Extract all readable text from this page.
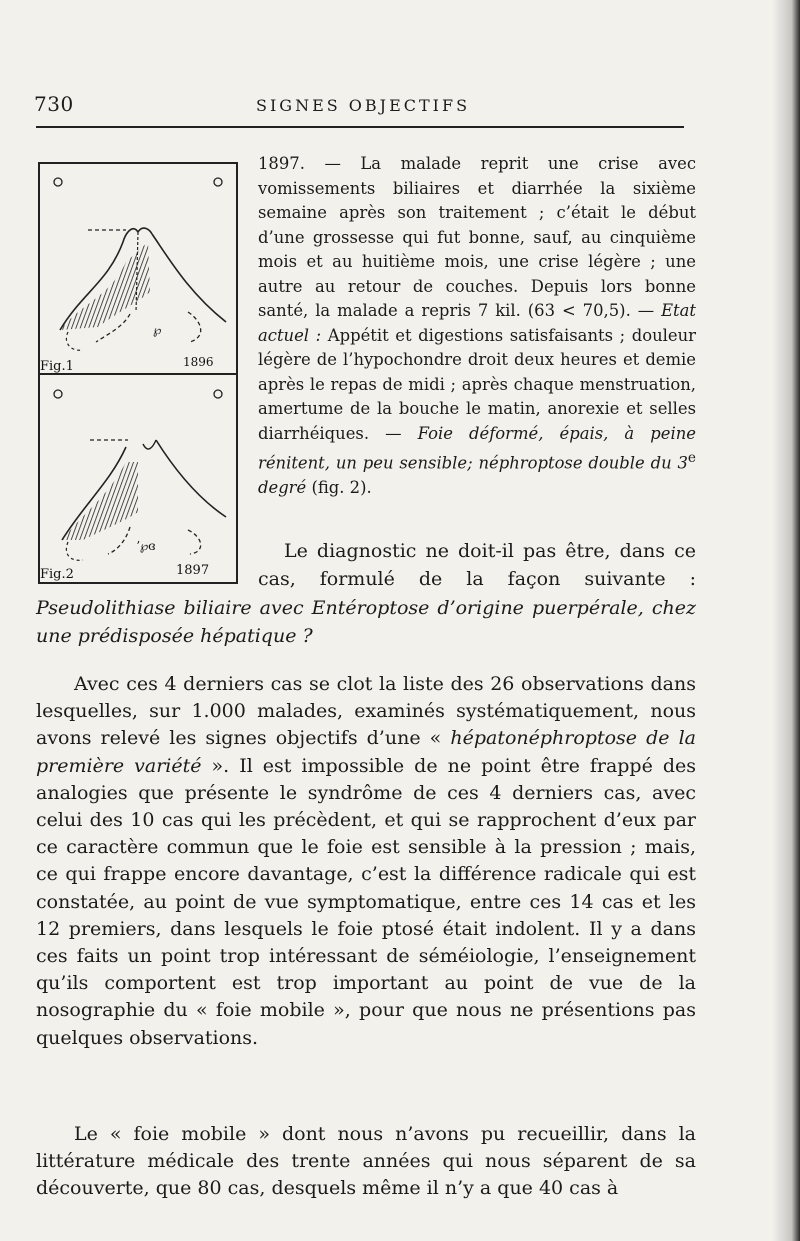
730	SIGNES OBJECTIFS
℘
Fig.1	1896
ʼ℘ɞ
Fig.2	1897

1897. — La malade reprit une crise avec vomissements biliaires et diarrhée la sixième semaine après son traitement ; c’était le début d’une grossesse qui fut bonne, sauf, au cinquième mois et au huitième mois, une crise légère ; une autre au retour de couches. Depuis lors bonne santé, la malade a repris 7 kil. (63 < 70,5). — Etat actuel : Appétit et digestions satisfaisants ; douleur légère de l’hypochondre droit deux heures et demie après le repas de midi ; après chaque menstruation, amertume de la bouche le matin, anorexie et selles diarrhéiques. — Foie déformé, épais, à peine rénitent, un peu sensible; néphroptose double du 3e degré (fig. 2).

Le diagnostic ne doit-il pas être, dans ce cas, formulé de la façon suivante :

Pseudolithiase biliaire avec Entéroptose d’origine puerpérale, chez une prédisposée hépatique ?

Avec ces 4 derniers cas se clot la liste des 26 observations dans lesquelles, sur 1.000 malades, examinés systématiquement, nous avons relevé les signes objectifs d’une « hépatonéphroptose de la première variété ». Il est impossible de ne point être frappé des analogies que présente le syndrôme de ces 4 derniers cas, avec celui des 10 cas qui les précèdent, et qui se rapprochent d’eux par ce caractère commun que le foie est sensible à la pression ; mais, ce qui frappe encore davantage, c’est la différence radicale qui est constatée, au point de vue symptomatique, entre ces 14 cas et les 12 premiers, dans lesquels le foie ptosé était indolent. Il y a dans ces faits un point trop intéressant de séméiologie, l’enseignement qu’ils comportent est trop important au point de vue de la nosographie du « foie mobile », pour que nous ne présentions pas quelques observations.

Le « foie mobile » dont nous n’avons pu recueillir, dans la littérature médicale des trente années qui nous séparent de sa découverte, que 80 cas, desquels même il n’y a que 40 cas à
